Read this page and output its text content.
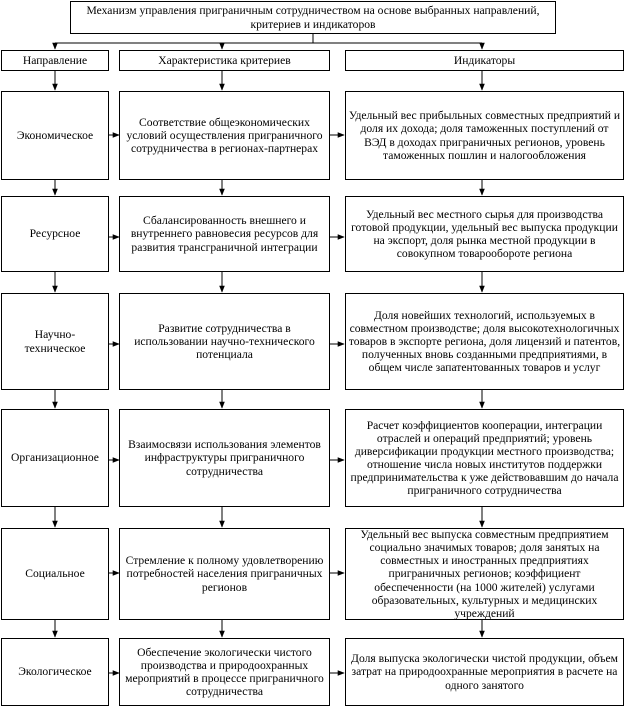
Механизм управления приграничным сотрудничеством на основе выбранных направлений, критериев и индикаторов
Направление	Характеристика критериев	Индикаторы
Экономическое
Соответствие общеэкономических условий осуществления приграничного сотрудничества в регионах-партнерах
Удельный вес прибыльных совместных предприятий и доля их дохода; доля таможенных поступлений от ВЭД в доходах приграничных регионов, уровень таможенных пошлин и налогообложения
Ресурсное
Сбалансированность внешнего и внутреннего равновесия ресурсов для развития трансграничной интеграции
Удельный вес местного сырья для производства готовой продукции, удельный вес выпуска продукции на экспорт, доля рынка местной продукции в совокупном товарообороте региона
Научно-
техническое
Развитие сотрудничества в использовании научно-технического потенциала
Доля новейших технологий, используемых в совместном производстве; доля высокотехнологичных товаров в экспорте региона, доля лицензий и патентов, полученных вновь созданными предприятиями, в общем числе запатентованных товаров и услуг
Организационное
Взаимосвязи использования элементов инфраструктуры приграничного сотрудничества
Расчет коэффициентов кооперации, интеграции отраслей и операций предприятий; уровень диверсификации продукции местного производства; отношение числа новых институтов поддержки предпринимательства к уже действовавшим до начала приграничного сотрудничества
Социальное
Стремление к полному удовлетворению потребностей населения приграничных регионов
Удельный вес выпуска совместным предприятием социально значимых товаров; доля занятых на совместных и иностранных предприятиях приграничных регионов; коэффициент обеспеченности (на 1000 жителей) услугами образовательных, культурных и медицинских учреждений
Экологическое
Обеспечение экологически чистого производства и природоохранных мероприятий в процессе приграничного сотрудничества
Доля выпуска экологически чистой продукции, объем затрат на природоохранные мероприятия в расчете на одного занятого
